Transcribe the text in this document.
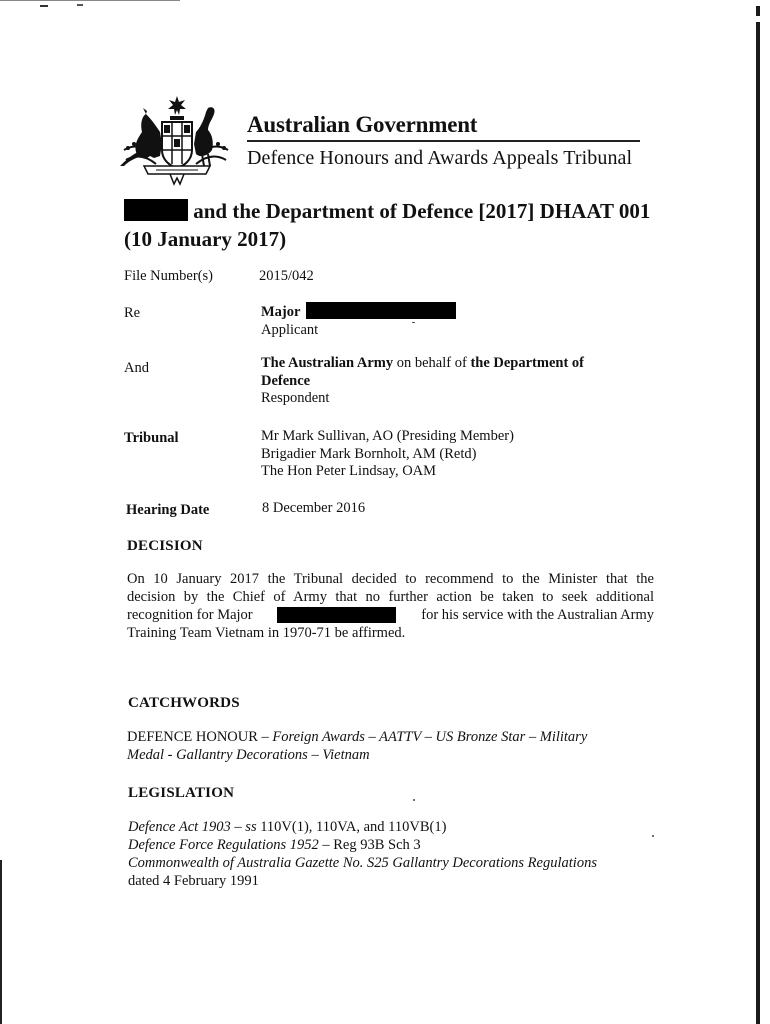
Australian Government
Defence Honours and Awards Appeals Tribunal
and the Department of Defence [2017] DHAAT 001
(10 January 2017)
File Number(s)	2015/042
Re	Major
Applicant
And	The Australian Army on behalf of the Department of
Defence
Respondent
Tribunal	Mr Mark Sullivan, AO (Presiding Member)
Brigadier Mark Bornholt, AM (Retd)
The Hon Peter Lindsay, OAM
Hearing Date	8 December 2016
DECISION
On 10 January 2017 the Tribunal decided to recommend to the Minister that the
decision by the Chief of Army that no further action be taken to seek additional
recognition for Major	for his service with the Australian Army
Training Team Vietnam in 1970-71 be affirmed.
CATCHWORDS
DEFENCE HONOUR – Foreign Awards – AATTV – US Bronze Star – Military
Medal - Gallantry Decorations – Vietnam
LEGISLATION
Defence Act 1903 – ss 110V(1), 110VA, and 110VB(1)
Defence Force Regulations 1952 – Reg 93B Sch 3
Commonwealth of Australia Gazette No. S25 Gallantry Decorations Regulations
dated 4 February 1991
